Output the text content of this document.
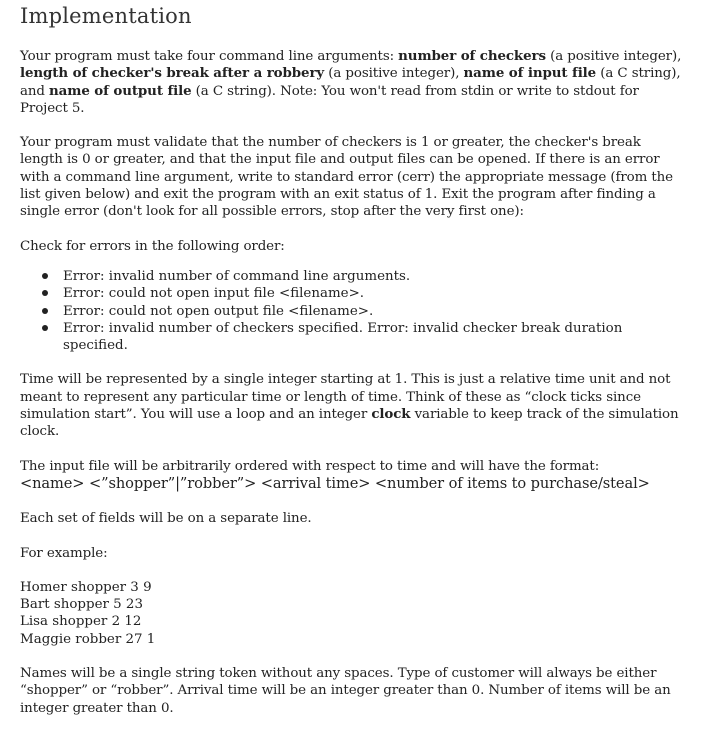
Implementation

Your program must take four command line arguments: number of checkers (a positive integer), length of checker's break after a robbery (a positive integer), name of input file (a C string), and name of output file (a C string). Note: You won't read from stdin or write to stdout for Project 5.

Your program must validate that the number of checkers is 1 or greater, the checker's break length is 0 or greater, and that the input file and output files can be opened. If there is an error with a command line argument, write to standard error (cerr) the appropriate message (from the list given below) and exit the program with an exit status of 1. Exit the program after finding a single error (don't look for all possible errors, stop after the very first one):

Check for errors in the following order:

Error: invalid number of command line arguments.
Error: could not open input file <filename>.
Error: could not open output file <filename>.
Error: invalid number of checkers specified. Error: invalid checker break duration specified.

Time will be represented by a single integer starting at 1. This is just a relative time unit and not meant to represent any particular time or length of time. Think of these as “clock ticks since simulation start”. You will use a loop and an integer clock variable to keep track of the simulation clock.

The input file will be arbitrarily ordered with respect to time and will have the format:
<name> <”shopper”|”robber”> <arrival time> <number of items to purchase/steal>

Each set of fields will be on a separate line.

For example:

Homer shopper 3 9
Bart shopper 5 23
Lisa shopper 2 12
Maggie robber 27 1

Names will be a single string token without any spaces. Type of customer will always be either “shopper” or “robber”. Arrival time will be an integer greater than 0. Number of items will be an integer greater than 0.
